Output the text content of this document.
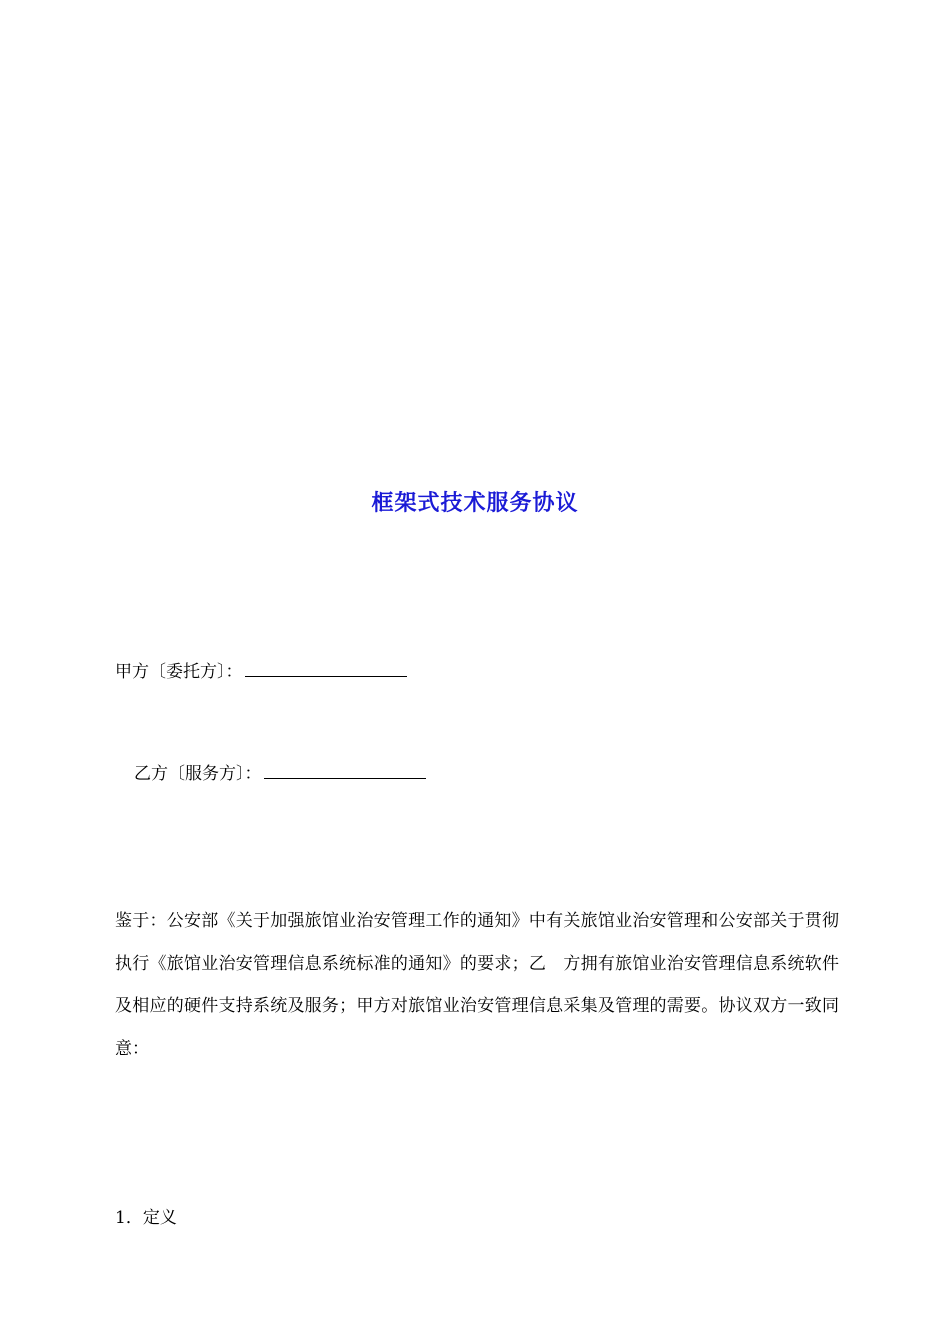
框架式技术服务协议
甲方〔委托方〕：
乙方〔服务方〕：
鉴于：公安部《关于加强旅馆业治安管理工作的通知》中有关旅馆业治安管理和公安部关于贯彻执行《旅馆业治安管理信息系统标准的通知》的要求；乙　方拥有旅馆业治安管理信息系统软件及相应的硬件支持系统及服务；甲方对旅馆业治安管理信息采集及管理的需要。协议双方一致同意：
1．定义
